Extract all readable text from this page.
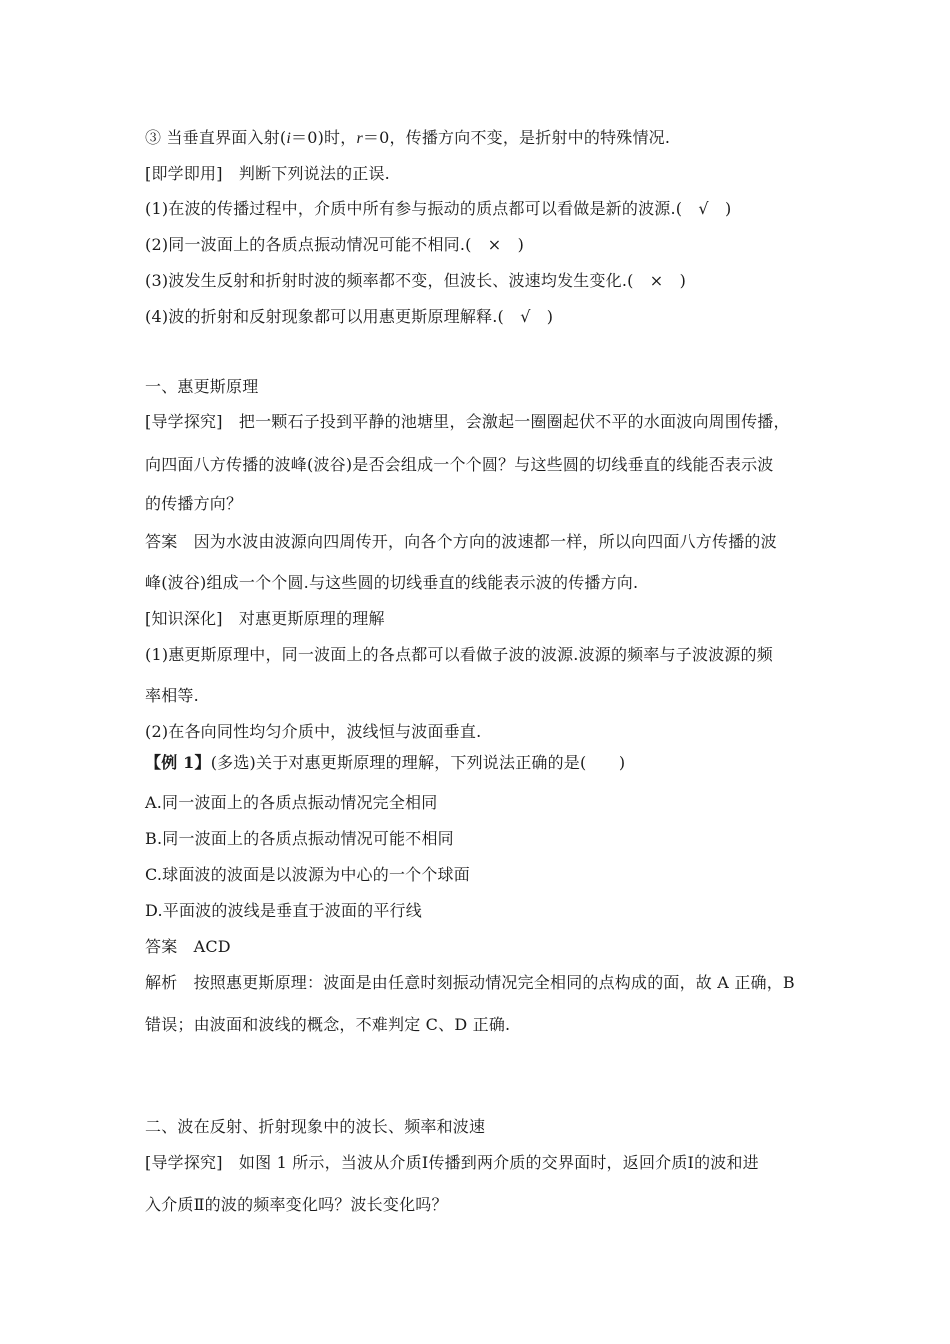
③ 当垂直界面入射(i＝0)时，r＝0，传播方向不变，是折射中的特殊情况.
[即学即用]　判断下列说法的正误.
(1)在波的传播过程中，介质中所有参与振动的质点都可以看做是新的波源.(　√　)
(2)同一波面上的各质点振动情况可能不相同.(　×　)
(3)波发生反射和折射时波的频率都不变，但波长、波速均发生变化.(　×　)
(4)波的折射和反射现象都可以用惠更斯原理解释.(　√　)
一、惠更斯原理
[导学探究]　把一颗石子投到平静的池塘里，会激起一圈圈起伏不平的水面波向周围传播，
向四面八方传播的波峰(波谷)是否会组成一个个圆？与这些圆的切线垂直的线能否表示波
的传播方向？
答案　因为水波由波源向四周传开，向各个方向的波速都一样，所以向四面八方传播的波
峰(波谷)组成一个个圆.与这些圆的切线垂直的线能表示波的传播方向.
[知识深化]　对惠更斯原理的理解
(1)惠更斯原理中，同一波面上的各点都可以看做子波的波源.波源的频率与子波波源的频
率相等.
(2)在各向同性均匀介质中，波线恒与波面垂直.
【例 1】(多选)关于对惠更斯原理的理解，下列说法正确的是(　　)
A.同一波面上的各质点振动情况完全相同
B.同一波面上的各质点振动情况可能不相同
C.球面波的波面是以波源为中心的一个个球面
D.平面波的波线是垂直于波面的平行线
答案　ACD
解析　按照惠更斯原理：波面是由任意时刻振动情况完全相同的点构成的面，故 A 正确，B
错误；由波面和波线的概念，不难判定 C、D 正确.
二、波在反射、折射现象中的波长、频率和波速
[导学探究]　如图 1 所示，当波从介质Ⅰ传播到两介质的交界面时，返回介质Ⅰ的波和进
入介质Ⅱ的波的频率变化吗？波长变化吗？
